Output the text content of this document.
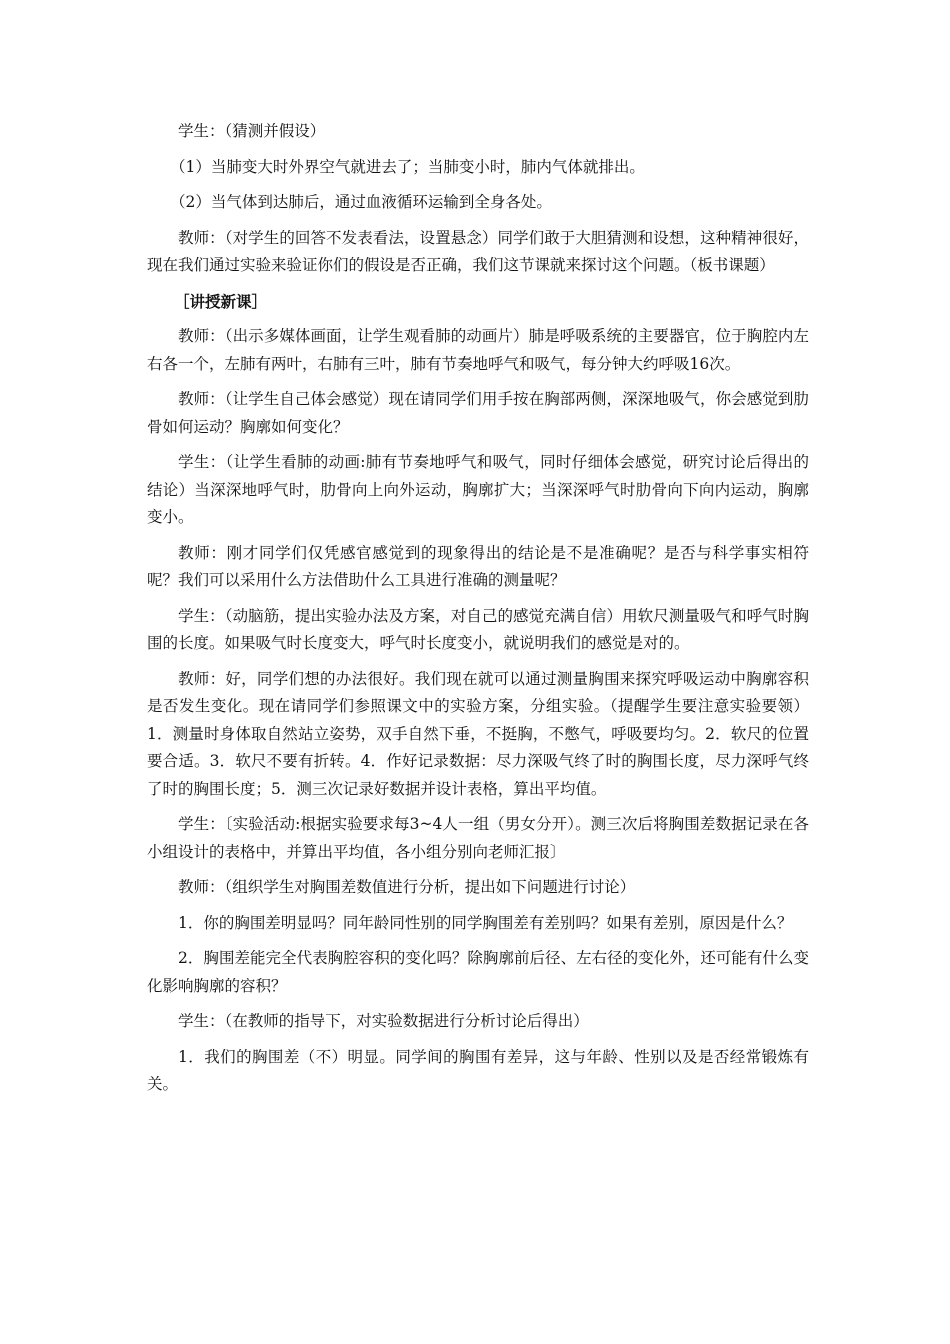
学生：（猜测并假设）

（1）当肺变大时外界空气就进去了；当肺变小时，肺内气体就排出。

（2）当气体到达肺后，通过血液循环运输到全身各处。

教师：（对学生的回答不发表看法，设置悬念）同学们敢于大胆猜测和设想，这种精神很好，现在我们通过实验来验证你们的假设是否正确，我们这节课就来探讨这个问题。（板书课题）

［讲授新课］

教师：（出示多媒体画面，让学生观看肺的动画片）肺是呼吸系统的主要器官，位于胸腔内左右各一个，左肺有两叶，右肺有三叶，肺有节奏地呼气和吸气，每分钟大约呼吸16次。

教师：（让学生自己体会感觉）现在请同学们用手按在胸部两侧，深深地吸气，你会感觉到肋骨如何运动？胸廓如何变化？

学生：（让学生看肺的动画:肺有节奏地呼气和吸气，同时仔细体会感觉，研究讨论后得出的结论）当深深地呼气时，肋骨向上向外运动，胸廓扩大；当深深呼气时肋骨向下向内运动，胸廓变小。

教师：刚才同学们仅凭感官感觉到的现象得出的结论是不是准确呢？是否与科学事实相符呢？我们可以采用什么方法借助什么工具进行准确的测量呢？

学生：（动脑筋，提出实验办法及方案，对自己的感觉充满自信）用软尺测量吸气和呼气时胸围的长度。如果吸气时长度变大，呼气时长度变小，就说明我们的感觉是对的。

教师：好，同学们想的办法很好。我们现在就可以通过测量胸围来探究呼吸运动中胸廓容积是否发生变化。现在请同学们参照课文中的实验方案，分组实验。（提醒学生要注意实验要领）1．测量时身体取自然站立姿势，双手自然下垂，不挺胸，不憋气，呼吸要均匀。2．软尺的位置要合适。3．软尺不要有折转。4．作好记录数据：尽力深吸气终了时的胸围长度，尽力深呼气终了时的胸围长度；5．测三次记录好数据并设计表格，算出平均值。

学生：〔实验活动:根据实验要求每3~4人一组（男女分开）。测三次后将胸围差数据记录在各小组设计的表格中，并算出平均值，各小组分别向老师汇报〕

教师：（组织学生对胸围差数值进行分析，提出如下问题进行讨论）

1．你的胸围差明显吗？同年龄同性别的同学胸围差有差别吗？如果有差别，原因是什么？

2．胸围差能完全代表胸腔容积的变化吗？除胸廓前后径、左右径的变化外，还可能有什么变化影响胸廓的容积？

学生：（在教师的指导下，对实验数据进行分析讨论后得出）

1．我们的胸围差（不）明显。同学间的胸围有差异，这与年龄、性别以及是否经常锻炼有关。
